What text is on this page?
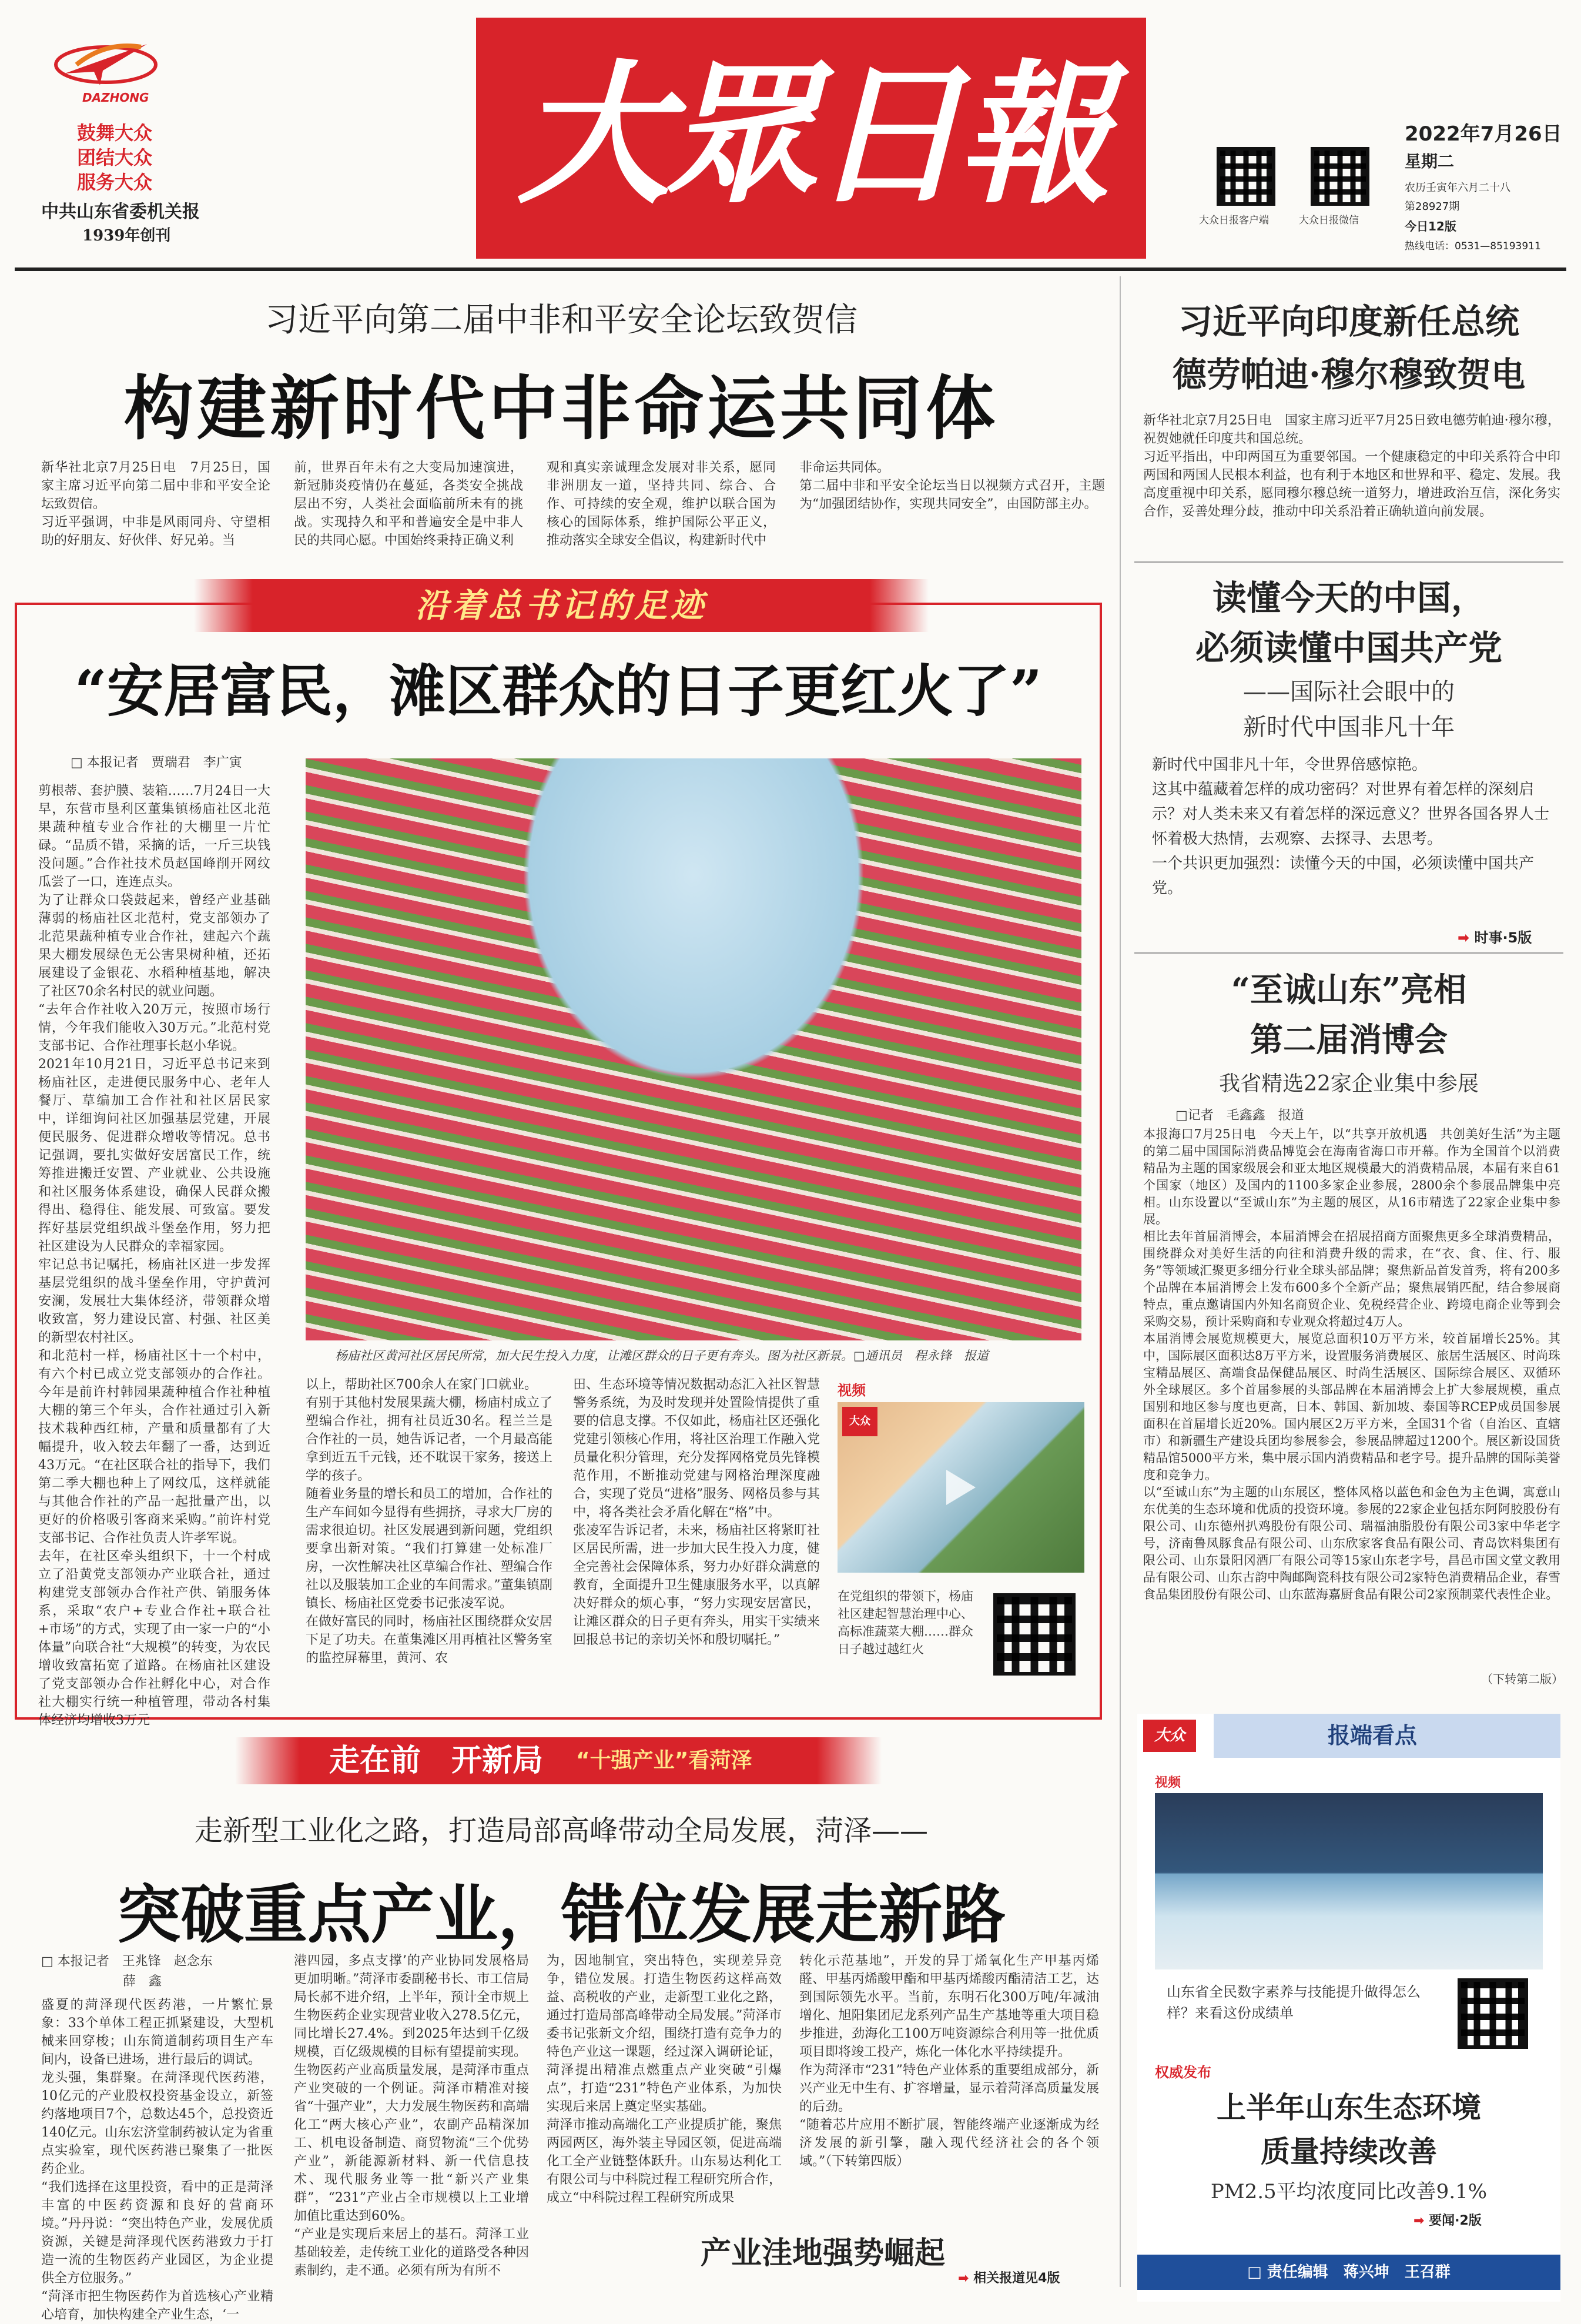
DAZHONG
鼓舞大众
团结大众
服务大众
中共山东省委机关报
1939年创刊
大眾日報	大众日报客户端	大众日报微信
2022年7月26日
星期二
农历壬寅年六月二十八
第28927期
今日12版
热线电话：0531—85193911
习近平向第二届中非和平安全论坛致贺信
构建新时代中非命运共同体
新华社北京7月25日电　7月25日，国家主席习近平向第二届中非和平安全论坛致贺信。
习近平强调，中非是风雨同舟、守望相助的好朋友、好伙伴、好兄弟。当
前，世界百年未有之大变局加速演进，新冠肺炎疫情仍在蔓延，各类安全挑战层出不穷，人类社会面临前所未有的挑战。实现持久和平和普遍安全是中非人民的共同心愿。中国始终秉持正确义利
观和真实亲诚理念发展对非关系，愿同非洲朋友一道，坚持共同、综合、合作、可持续的安全观，维护以联合国为核心的国际体系，维护国际公平正义，推动落实全球安全倡议，构建新时代中
非命运共同体。
第二届中非和平安全论坛当日以视频方式召开，主题为“加强团结协作，实现共同安全”，由国防部主办。
习近平向印度新任总统
德劳帕迪·穆尔穆致贺电
新华社北京7月25日电　国家主席习近平7月25日致电德劳帕迪·穆尔穆，祝贺她就任印度共和国总统。
习近平指出，中印两国互为重要邻国。一个健康稳定的中印关系符合中印两国和两国人民根本利益，也有利于本地区和世界和平、稳定、发展。我高度重视中印关系，愿同穆尔穆总统一道努力，增进政治互信，深化务实合作，妥善处理分歧，推动中印关系沿着正确轨道向前发展。
沿着总书记的足迹
“安居富民，滩区群众的日子更红火了”
□ 本报记者　贾瑞君　李广寅
剪根蒂、套护膜、装箱……7月24日一大早，东营市垦利区董集镇杨庙社区北范果蔬种植专业合作社的大棚里一片忙碌。“品质不错，采摘的话，一斤三块钱没问题。”合作社技术员赵国峰削开网纹瓜尝了一口，连连点头。
为了让群众口袋鼓起来，曾经产业基础薄弱的杨庙社区北范村，党支部领办了北范果蔬种植专业合作社，建起六个蔬果大棚发展绿色无公害果树种植，还拓展建设了金银花、水稻种植基地，解决了社区70余名村民的就业问题。
“去年合作社收入20万元，按照市场行情，今年我们能收入30万元。”北范村党支部书记、合作社理事长赵小华说。
2021年10月21日，习近平总书记来到杨庙社区，走进便民服务中心、老年人餐厅、草编加工合作社和社区居民家中，详细询问社区加强基层党建，开展便民服务、促进群众增收等情况。总书记强调，要扎实做好安居富民工作，统筹推进搬迁安置、产业就业、公共设施和社区服务体系建设，确保人民群众搬得出、稳得住、能发展、可致富。要发挥好基层党组织战斗堡垒作用，努力把社区建设为人民群众的幸福家园。
牢记总书记嘱托，杨庙社区进一步发挥基层党组织的战斗堡垒作用，守护黄河安澜，发展壮大集体经济，带领群众增收致富，努力建设民富、村强、社区美的新型农村社区。
和北范村一样，杨庙社区十一个村中，有六个村已成立党支部领办的合作社。今年是前许村韩园果蔬种植合作社种植大棚的第三个年头，合作社通过引入新技术栽种西红柿，产量和质量都有了大幅提升，收入较去年翻了一番，达到近43万元。“在社区联合社的指导下，我们第二季大棚也种上了网纹瓜，这样就能与其他合作社的产品一起批量产出，以更好的价格吸引客商来采购。”前许村党支部书记、合作社负责人许孝军说。
去年，在社区牵头组织下，十一个村成立了沿黄党支部领办产业联合社，通过构建党支部领办合作社产供、销服务体系，采取“农户+专业合作社+联合社+市场”的方式，实现了由一家一户的“小体量”向联合社“大规模”的转变，为农民增收致富拓宽了道路。在杨庙社区建设了党支部领办合作社孵化中心，对合作社大棚实行统一种植管理，带动各村集体经济均增收3万元
杨庙社区黄河社区居民所常，加大民生投入力度，让滩区群众的日子更有奔头。图为社区新景。□通讯员　程永锋　报道
以上，帮助社区700余人在家门口就业。
有别于其他村发展果蔬大棚，杨庙村成立了塑编合作社，拥有社员近30名。程兰兰是合作社的一员，她告诉记者，一个月最高能拿到近五千元钱，还不耽误干家务，接送上学的孩子。
随着业务量的增长和员工的增加，合作社的生产车间如今显得有些拥挤，寻求大厂房的需求很迫切。社区发展遇到新问题，党组织要拿出新对策。“我们打算建一处标准厂房，一次性解决社区草编合作社、塑编合作社以及服装加工企业的车间需求。”董集镇副镇长、杨庙社区党委书记张凌军说。
在做好富民的同时，杨庙社区围绕群众安居下足了功夫。在董集滩区用再植社区警务室的监控屏幕里，黄河、农
田、生态环境等情况数据动态汇入社区智慧警务系统，为及时发现并处置险情提供了重要的信息支撑。不仅如此，杨庙社区还强化党建引领核心作用，将社区治理工作融入党员量化积分管理，充分发挥网格党员先锋模范作用，不断推动党建与网格治理深度融合，实现了党员“进格”服务、网格员参与其中，将各类社会矛盾化解在“格”中。
张凌军告诉记者，未来，杨庙社区将紧盯社区居民所需，进一步加大民生投入力度，健全完善社会保障体系，努力办好群众满意的教育，全面提升卫生健康服务水平，以真解决好群众的烦心事，“努力实现安居富民，让滩区群众的日子更有奔头，用实干实绩来回报总书记的亲切关怀和殷切嘱托。”
视频
大众
在党组织的带领下，杨庙社区建起智慧治理中心、高标准蔬菜大棚……群众日子越过越红火
走在前　开新局 “十强产业”看菏泽
走新型工业化之路，打造局部高峰带动全局发展，菏泽——
突破重点产业，错位发展走新路
□ 本报记者　王兆锋　赵念东
　　　　　　 薛　鑫
盛夏的菏泽现代医药港，一片繁忙景象：33个单体工程正抓紧建设，大型机械来回穿梭；山东简道制药项目生产车间内，设备已进场，进行最后的调试。
龙头强，集群聚。在菏泽现代医药港，10亿元的产业股权投资基金设立，新签约落地项目7个，总数达45个，总投资近140亿元。山东宏济堂制药被认定为省重点实验室，现代医药港已聚集了一批医药企业。
“我们选择在这里投资，看中的正是菏泽丰富的中医药资源和良好的营商环境。”丹丹说：“突出特色产业，发展优质资源，关键是菏泽现代医药港致力于打造一流的生物医药产业园区，为企业提供全方位服务。”
“菏泽市把生物医药作为首选核心产业精心培育，加快构建全产业生态，‘一
港四园，多点支撑’的产业协同发展格局更加明晰。”菏泽市委副秘书长、市工信局局长郝不进介绍，上半年，预计全市规上生物医药企业实现营业收入278.5亿元，同比增长27.4%。到2025年达到千亿级规模，百亿级规模的目标有望提前实现。
生物医药产业高质量发展，是菏泽市重点产业突破的一个例证。菏泽市精准对接省“十强产业”，大力发展生物医药和高端化工“两大核心产业”，农副产品精深加工、机电设备制造、商贸物流“三个优势产业”，新能源新材料、新一代信息技术、现代服务业等一批“新兴产业集群”，“231”产业占全市规模以上工业增加值比重达到60%。
“产业是实现后来居上的基石。菏泽工业基础较差，走传统工业化的道路受各种因素制约，走不通。必须有所为有所不
为，因地制宜，突出特色，实现差异竞争，错位发展。打造生物医药这样高效益、高税收的产业，走新型工业化之路，通过打造局部高峰带动全局发展。”菏泽市委书记张新文介绍，围绕打造有竞争力的特色产业这一课题，经过深入调研论证，菏泽提出精准点燃重点产业突破“引爆点”，打造“231”特色产业体系，为加快实现后来居上奠定坚实基础。
菏泽市推动高端化工产业提质扩能，聚焦两园两区，海外装主导园区领，促进高端化工全产业链整体跃升。山东易达利化工有限公司与中科院过程工程研究所合作，成立“中科院过程工程研究所成果
转化示范基地”，开发的异丁烯氧化生产甲基丙烯醛、甲基丙烯酸甲酯和甲基丙烯酸丙酯清洁工艺，达到国际领先水平。当前，东明石化300万吨/年减油增化、旭阳集团尼龙系列产品生产基地等重大项目稳步推进，劲海化工100万吨资源综合利用等一批优质项目即将竣工投产，炼化一体化水平持续提升。
作为菏泽市“231”特色产业体系的重要组成部分，新兴产业无中生有、扩容增量，显示着菏泽高质量发展的后劲。
“随着芯片应用不断扩展，智能终端产业逐渐成为经济发展的新引擎，融入现代经济社会的各个领域。”（下转第四版）
产业洼地强势崛起
➡ 相关报道见4版
读懂今天的中国，
必须读懂中国共产党
——国际社会眼中的
新时代中国非凡十年
新时代中国非凡十年，令世界倍感惊艳。
这其中蕴藏着怎样的成功密码？对世界有着怎样的深刻启示？对人类未来又有着怎样的深远意义？世界各国各界人士怀着极大热情，去观察、去探寻、去思考。
一个共识更加强烈：读懂今天的中国，必须读懂中国共产党。
➡ 时事·5版
“至诚山东”亮相
第二届消博会
我省精选22家企业集中参展
□记者　毛鑫鑫　报道
本报海口7月25日电　今天上午，以“共享开放机遇　共创美好生活”为主题的第二届中国国际消费品博览会在海南省海口市开幕。作为全国首个以消费精品为主题的国家级展会和亚太地区规模最大的消费精品展，本届有来自61个国家（地区）及国内的1100多家企业参展，2800余个参展品牌集中亮相。山东设置以“至诚山东”为主题的展区，从16市精选了22家企业集中参展。
相比去年首届消博会，本届消博会在招展招商方面聚焦更多全球消费精品，围绕群众对美好生活的向往和消费升级的需求，在“衣、食、住、行、服务”等领域汇聚更多细分行业全球头部品牌；聚焦新品首发首秀，将有200多个品牌在本届消博会上发布600多个全新产品；聚焦展销匹配，结合参展商特点，重点邀请国内外知名商贸企业、免税经营企业、跨境电商企业等到会采购交易，预计采购商和专业观众将超过4万人。
本届消博会展览规模更大，展览总面积10万平方米，较首届增长25%。其中，国际展区面积达8万平方米，设置服务消费展区、旅居生活展区、时尚珠宝精品展区、高端食品保健品展区、时尚生活展区、国际综合展区、双循环外全球展区。多个首届参展的头部品牌在本届消博会上扩大参展规模，重点国别和地区参与度也更高，日本、韩国、新加坡、泰国等RCEP成员国参展面积在首届增长近20%。国内展区2万平方米，全国31个省（自治区、直辖市）和新疆生产建设兵团均参展参会，参展品牌超过1200个。展区新设国货精品馆5000平方米，集中展示国内消费精品和老字号。提升品牌的国际美誉度和竞争力。
以“至诚山东”为主题的山东展区，整体风格以蓝色和金色为主色调，寓意山东优美的生态环境和优质的投资环境。参展的22家企业包括东阿阿胶股份有限公司、山东德州扒鸡股份有限公司、瑞福油脂股份有限公司3家中华老字号，济南鲁凤豚食品有限公司、山东欣家客食品有限公司、青岛饮料集团有限公司、山东景阳冈酒厂有限公司等15家山东老字号，昌邑市国文堂文教用品有限公司、山东古韵中陶邮陶瓷科技有限公司2家特色消费精品企业，春雪食品集团股份有限公司、山东蓝海嘉厨食品有限公司2家预制菜代表性企业。
（下转第二版）
大众	报端看点
视频
山东省全民数字素养与技能提升做得怎么样？来看这份成绩单
权威发布
上半年山东生态环境
质量持续改善
PM2.5平均浓度同比改善9.1%
➡ 要闻·2版
□ 责任编辑　蒋兴坤　王召群
